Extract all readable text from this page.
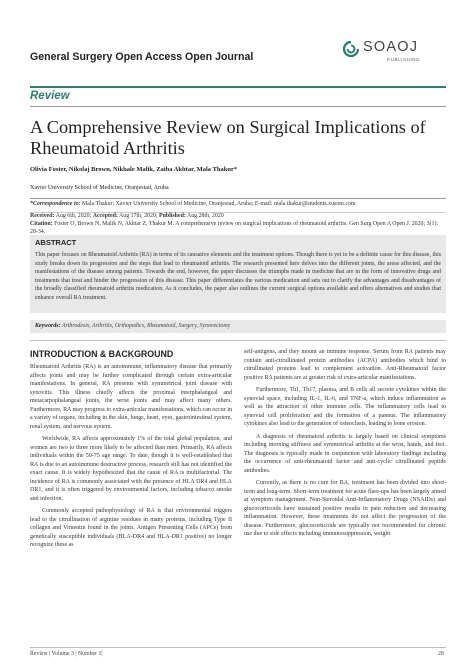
General Surgery Open Access Open Journal
SOAOJ
PUBLISHING
Review
A Comprehensive Review on Surgical Implications of Rheumatoid Arthritis
Olivia Foster, Nikolaj Brown, Nikhale Malik, Zaiba Akhtar, Mala Thakur*
Xavier University School of Medicine, Oranjestad, Aruba
*Correspondence to: Mala Thakur; Xavier University School of Medicine, Oranjestad, Aruba; E-mail: mala.thakur@students.xusom.com
Received: Aug 6th, 2020; Accepted: Aug 17th, 2020; Published: Aug 28th, 2020
Citation: Foster O, Brown N, Malik N, Akhtar Z, Thakur M. A comprehensive review on surgical implications of rheumatoid arthritis. Gen Surg Open A Open J. 2020; 3(1): 28-34.
ABSTRACT
This paper focuses on Rheumatoid Arthritis (RA) in terms of its causative elements and the treatment options. Though there is yet to be a definite cause for this disease, this study breaks down its progression and the steps that lead to rheumatoid arthritis. The research presented here delves into the different joints, the areas affected, and the manifestations of the disease among patients. Towards the end, however, the paper discusses the triumphs made in medicine that are in the form of innovative drugs and treatments that treat and hinder the progression of this disease. This paper differentiates the various medication and sets out to clarify the advantages and disadvantages of the broadly classified rheumatoid arthritis medication. As it concludes, the paper also outlines the current surgical options available and offers alternatives and studies that enhance overall RA treatment.
Keywords: Arthrodesis, Arthritis, Orthopedics, Rheumatoid, Surgery, Synovectomy
INTRODUCTION & BACKGROUND

Rheumatoid Arthritis (RA) is an autoimmune, inflammatory disease that primarily affects joints and may be further complicated through certain extra-articular manifestations. In general, RA presents with symmetrical joint disease with synovitis. This illness chiefly affects the proximal interphalangeal and metacarpophalangeal joints, the wrist joints and may affect many others. Furthermore, RA may progress to extra-articular manifestations, which can occur in a variety of organs, including in the skin, lungs, heart, eyes, gastrointestinal system, renal system, and nervous system.

Worldwide, RA affects approximately 1% of the total global population, and women are two to three more likely to be affected than men. Primarily, RA affects individuals within the 50-75 age range. To date, though it is well-established that RA is due to an autoimmune destructive process, research still has not identified the exact cause. It is widely hypothesized that the cause of RA is multifactorial. The incidence of RA is commonly associated with the presence of HLA DR4 and HLA DR1, and it is often triggered by environmental factors, including tobacco smoke and infection.

Commonly accepted pathophysiology of RA is that environmental triggers lead to the citrullination of arginine residues in many proteins, including Type II collagen and Vimentin found in the joints. Antigen Presenting Cells (APCs) from genetically susceptible individuals (HLA-DR4 and HLA-DR1 positive) no longer recognize these as

self-antigens, and they mount an immune response. Serum from RA patients may contain anti-citrullinated protein antibodies (ACPA) antibodies which bind to citrullinated proteins lead to complement activation. Anti-Rheumatoid factor positive RA patients are at greater risk of extra-articular manifestations.

Furthermore, Th1, Th17, plasma, and B cells all secrete cytokines within the synovial space, including IL-1, IL-6, and TNF-a, which induce inflammation as well as the attraction of other immune cells. The inflammatory cells lead to synovial cell proliferation and the formation of a pannus. The inflammatory cytokines also lead to the generation of osteoclasts, leading to bone erosion.

A diagnosis of rheumatoid arthritis is largely based on clinical symptoms including morning stiffness and symmetrical arthritis at the wrist, hands, and feet. The diagnosis is typically made in conjunction with laboratory findings including the occurrence of anti-rheumatoid factor and anti-cyclic citrullinated peptide antibodies.

Currently, as there is no cure for RA, treatment has been divided into short-term and long-term. Short-term treatment for acute flare-ups has been largely aimed at symptom management. Non-Steroidal Anti-Inflammatory Drugs (NSAIDs) and glucocorticoids have sustained positive results in pain reduction and decreasing inflammation. However, these treatments do not affect the progression of the disease. Furthermore, glucocorticoids are typically not recommended for chronic use due to side effects including immunosuppression, weight

Review | Volume 3 | Number 1|	28
